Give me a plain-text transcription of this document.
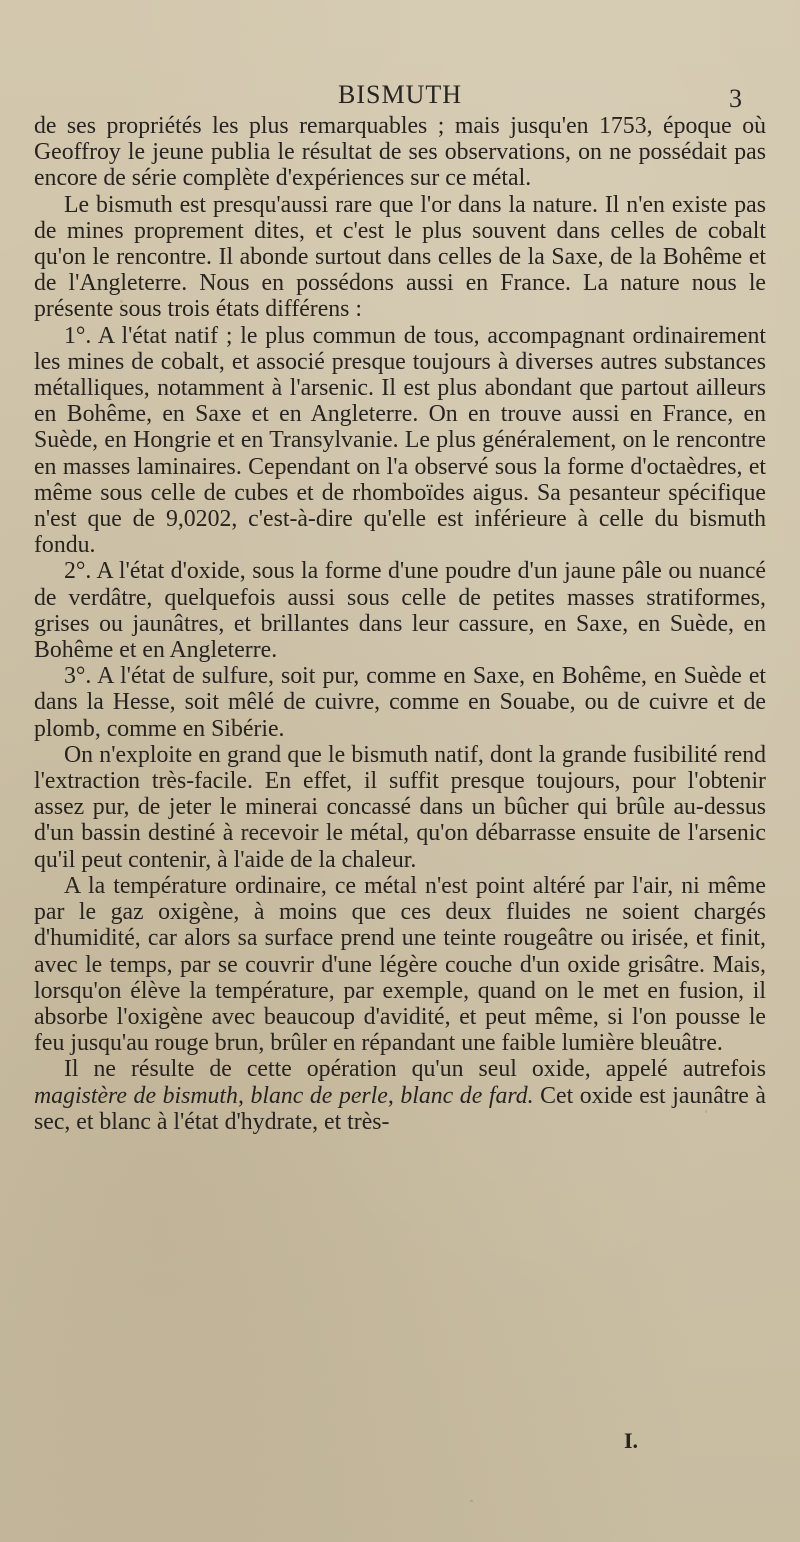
BISMUTH	3

de ses propriétés les plus remarquables ; mais jusqu'en 1753, époque où Geoffroy le jeune publia le résultat de ses observations, on ne possédait pas encore de série complète d'expériences sur ce métal.

Le bismuth est presqu'aussi rare que l'or dans la nature. Il n'en existe pas de mines proprement dites, et c'est le plus souvent dans celles de cobalt qu'on le rencontre. Il abonde surtout dans celles de la Saxe, de la Bohême et de l'Angleterre. Nous en possédons aussi en France. La nature nous le présente sous trois états différens :

1°. A l'état natif ; le plus commun de tous, accompagnant ordinairement les mines de cobalt, et associé presque toujours à diverses autres substances métalliques, notamment à l'arsenic. Il est plus abondant que partout ailleurs en Bohême, en Saxe et en Angleterre. On en trouve aussi en France, en Suède, en Hongrie et en Transylvanie. Le plus généralement, on le rencontre en masses laminaires. Cependant on l'a observé sous la forme d'octaèdres, et même sous celle de cubes et de rhomboïdes aigus. Sa pesanteur spécifique n'est que de 9,0202, c'est-à-dire qu'elle est inférieure à celle du bismuth fondu.

2°. A l'état d'oxide, sous la forme d'une poudre d'un jaune pâle ou nuancé de verdâtre, quelquefois aussi sous celle de petites masses stratiformes, grises ou jaunâtres, et brillantes dans leur cassure, en Saxe, en Suède, en Bohême et en Angleterre.

3°. A l'état de sulfure, soit pur, comme en Saxe, en Bohême, en Suède et dans la Hesse, soit mêlé de cuivre, comme en Souabe, ou de cuivre et de plomb, comme en Sibérie.

On n'exploite en grand que le bismuth natif, dont la grande fusibilité rend l'extraction très-facile. En effet, il suffit presque toujours, pour l'obtenir assez pur, de jeter le minerai concassé dans un bûcher qui brûle au-dessus d'un bassin destiné à recevoir le métal, qu'on débarrasse ensuite de l'arsenic qu'il peut contenir, à l'aide de la chaleur.

A la température ordinaire, ce métal n'est point altéré par l'air, ni même par le gaz oxigène, à moins que ces deux fluides ne soient chargés d'humidité, car alors sa surface prend une teinte rougeâtre ou irisée, et finit, avec le temps, par se couvrir d'une légère couche d'un oxide grisâtre. Mais, lorsqu'on élève la température, par exemple, quand on le met en fusion, il absorbe l'oxigène avec beaucoup d'avidité, et peut même, si l'on pousse le feu jusqu'au rouge brun, brûler en répandant une faible lumière bleuâtre.

Il ne résulte de cette opération qu'un seul oxide, appelé autrefois magistère de bismuth, blanc de perle, blanc de fard. Cet oxide est jaunâtre à sec, et blanc à l'état d'hydrate, et très-

I.
